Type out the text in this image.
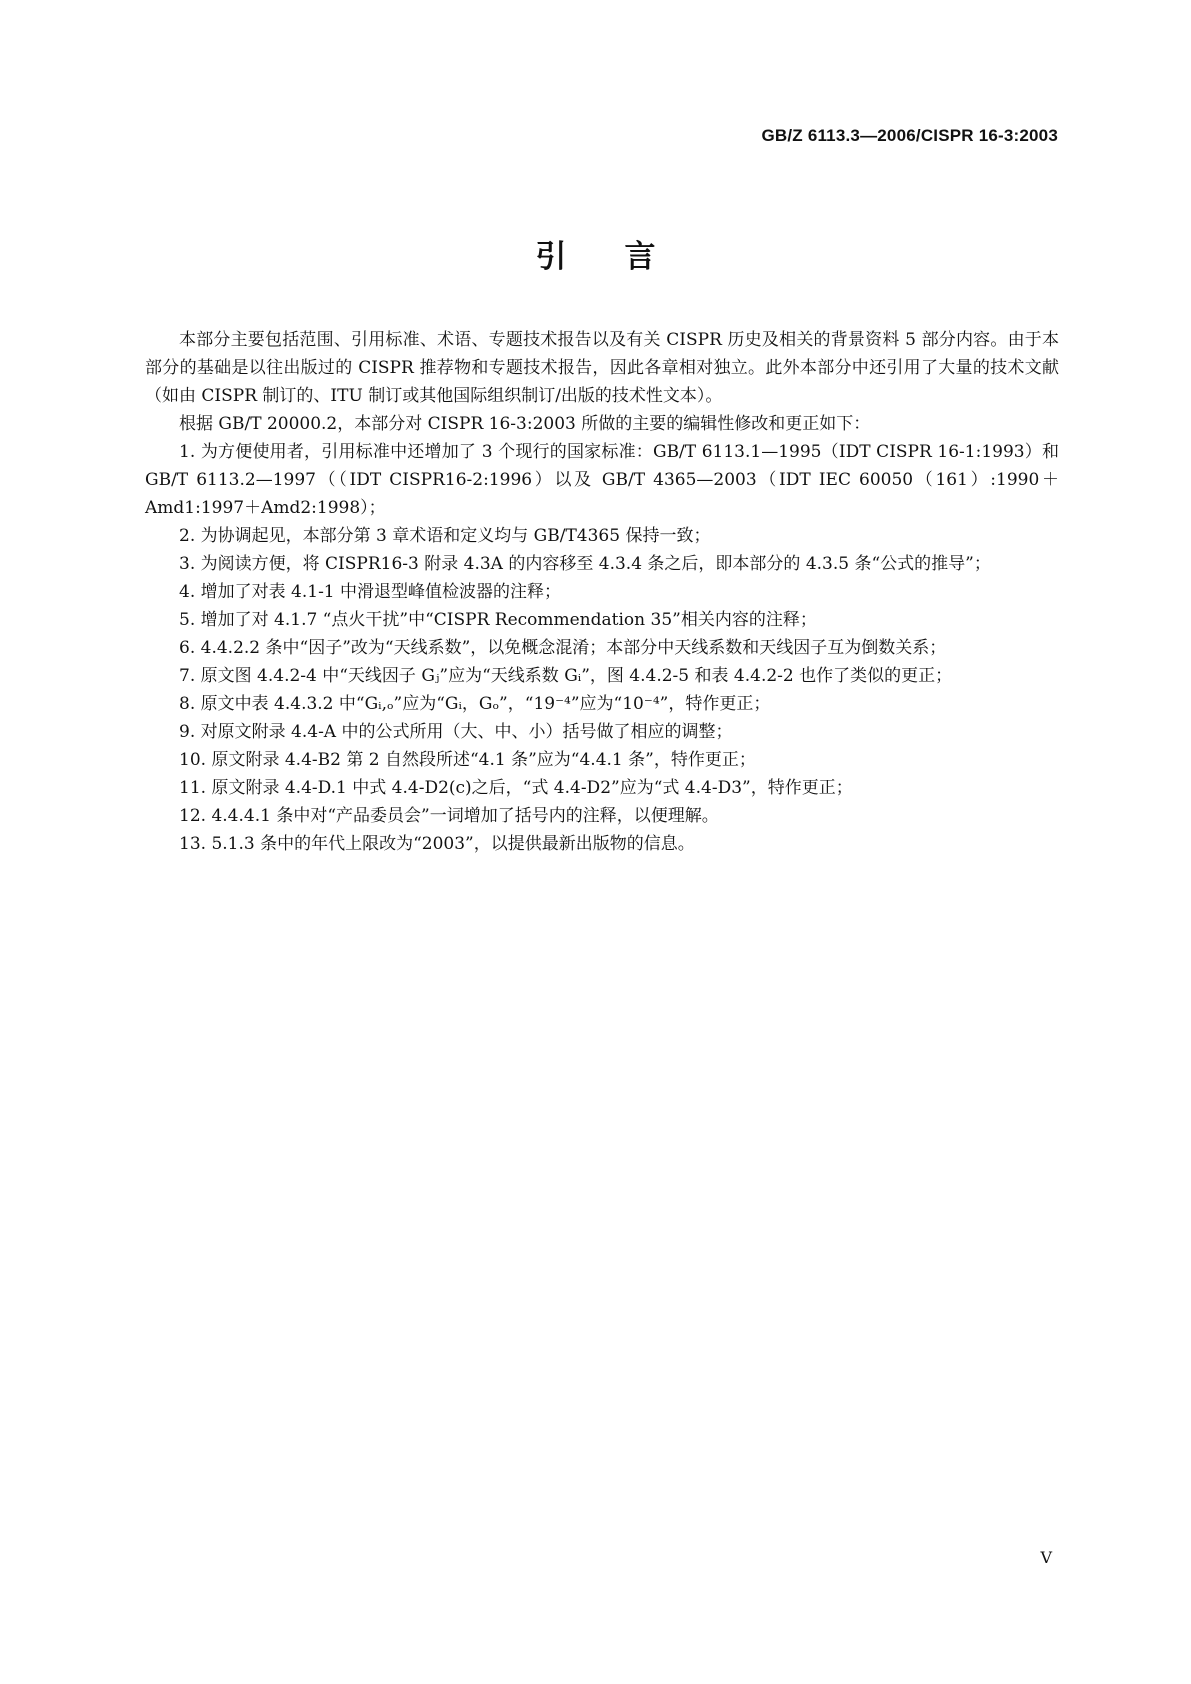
GB/Z 6113.3—2006/CISPR 16-3:2003
引言

本部分主要包括范围、引用标准、术语、专题技术报告以及有关 CISPR 历史及相关的背景资料 5 部分内容。由于本部分的基础是以往出版过的 CISPR 推荐物和专题技术报告，因此各章相对独立。此外本部分中还引用了大量的技术文献（如由 CISPR 制订的、ITU 制订或其他国际组织制订/出版的技术性文本）。

根据 GB/T 20000.2，本部分对 CISPR 16-3:2003 所做的主要的编辑性修改和更正如下：

1. 为方便使用者，引用标准中还增加了 3 个现行的国家标准：GB/T 6113.1—1995（IDT CISPR 16-1:1993）和 GB/T 6113.2—1997（（IDT CISPR16-2:1996）以及 GB/T 4365—2003（IDT IEC 60050（161）:1990＋Amd1:1997＋Amd2:1998）；

2. 为协调起见，本部分第 3 章术语和定义均与 GB/T4365 保持一致；

3. 为阅读方便，将 CISPR16-3 附录 4.3A 的内容移至 4.3.4 条之后，即本部分的 4.3.5 条“公式的推导”；

4. 增加了对表 4.1-1 中滑退型峰值检波器的注释；

5. 增加了对 4.1.7 “点火干扰”中“CISPR Recommendation 35”相关内容的注释；

6. 4.4.2.2 条中“因子”改为“天线系数”，以免概念混淆；本部分中天线系数和天线因子互为倒数关系；

7. 原文图 4.4.2-4 中“天线因子 Gⱼ”应为“天线系数 Gᵢ”，图 4.4.2-5 和表 4.4.2-2 也作了类似的更正；

8. 原文中表 4.4.3.2 中“Gᵢ,ₒ”应为“Gᵢ，Gₒ”，“19⁻⁴”应为“10⁻⁴”，特作更正；

9. 对原文附录 4.4-A 中的公式所用（大、中、小）括号做了相应的调整；

10. 原文附录 4.4-B2 第 2 自然段所述“4.1 条”应为“4.4.1 条”，特作更正；

11. 原文附录 4.4-D.1 中式 4.4-D2(c)之后，“式 4.4-D2”应为“式 4.4-D3”，特作更正；

12. 4.4.4.1 条中对“产品委员会”一词增加了括号内的注释，以便理解。

13. 5.1.3 条中的年代上限改为“2003”，以提供最新出版物的信息。

V
